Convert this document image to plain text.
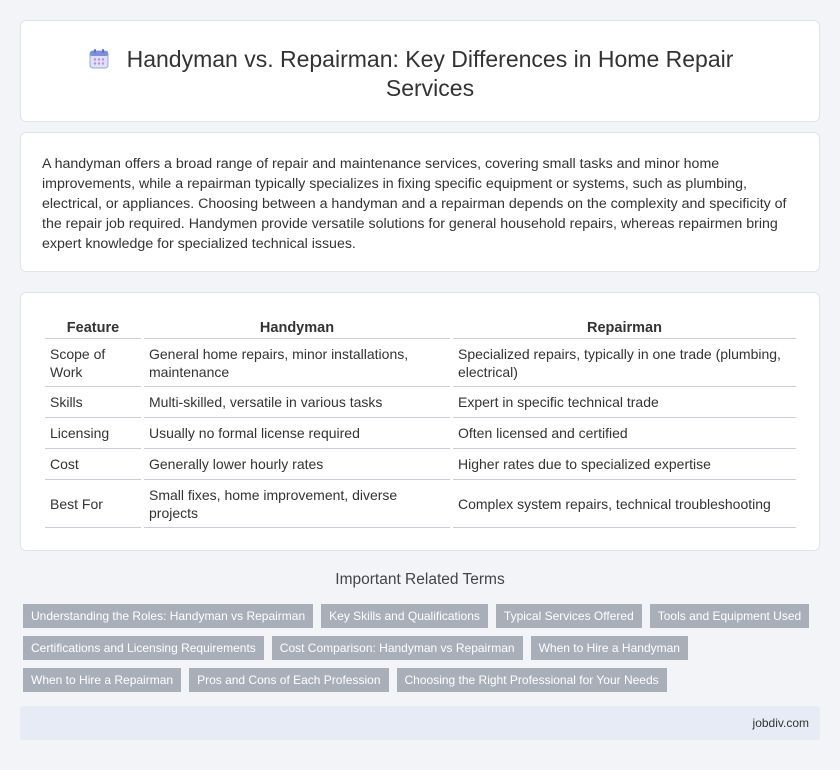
Handyman vs. Repairman: Key Differences in Home Repair Services

A handyman offers a broad range of repair and maintenance services, covering small tasks and minor home improvements, while a repairman typically specializes in fixing specific equipment or systems, such as plumbing, electrical, or appliances. Choosing between a handyman and a repairman depends on the complexity and specificity of the repair job required. Handymen provide versatile solutions for general household repairs, whereas repairmen bring expert knowledge for specialized technical issues.

Feature	Handyman	Repairman
Scope of Work	General home repairs, minor installations, maintenance	Specialized repairs, typically in one trade (plumbing, electrical)
Skills	Multi-skilled, versatile in various tasks	Expert in specific technical trade
Licensing	Usually no formal license required	Often licensed and certified
Cost	Generally lower hourly rates	Higher rates due to specialized expertise
Best For	Small fixes, home improvement, diverse projects	Complex system repairs, technical troubleshooting
Important Related Terms
Understanding the Roles: Handyman vs Repairman	Key Skills and Qualifications	Typical Services Offered	Tools and Equipment Used
Certifications and Licensing Requirements	Cost Comparison: Handyman vs Repairman	When to Hire a Handyman
When to Hire a Repairman	Pros and Cons of Each Profession	Choosing the Right Professional for Your Needs
jobdiv.com
